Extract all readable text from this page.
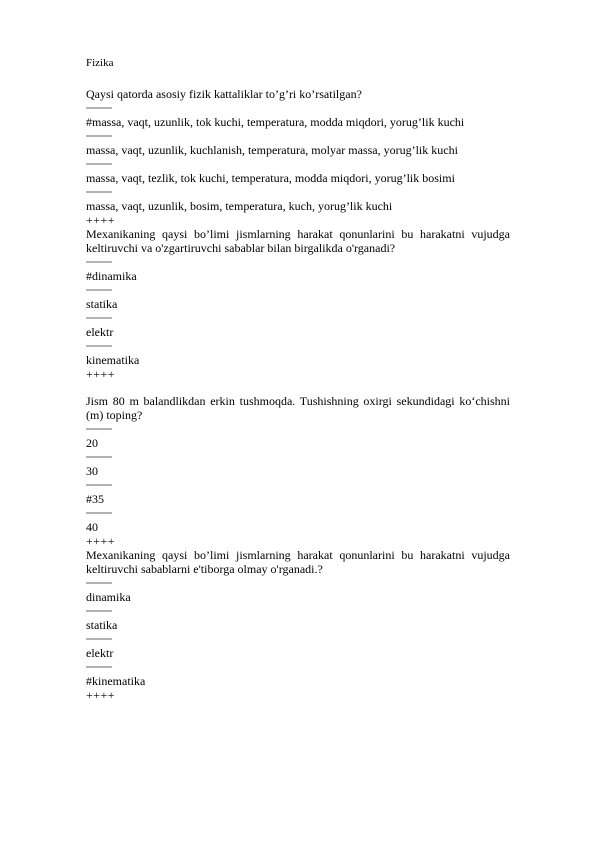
Fizika
Qaysi qatorda asosiy fizik kattaliklar to’g’ri ko’rsatilgan?
#massa, vaqt, uzunlik, tok kuchi, temperatura, modda miqdori, yorug’lik kuchi
massa, vaqt, uzunlik, kuchlanish, temperatura, molyar massa, yorug’lik kuchi
massa, vaqt, tezlik, tok kuchi, temperatura, modda miqdori, yorug’lik bosimi
massa, vaqt, uzunlik, bosim, temperatura, kuch, yorug’lik kuchi
++++
Mexanikaning qaysi bo’limi jismlarning harakat qonunlarini bu harakatni vujudga keltiruvchi va o'zgartiruvchi sabablar bilan birgalikda o'rganadi?
#dinamika
statika
elektr
kinematika
++++
Jism 80 m balandlikdan erkin tushmoqda. Tushishning oxirgi sekundidagi ko‘chishni (m) toping?
20
30
#35
40
++++
Mexanikaning qaysi bo’limi jismlarning harakat qonunlarini bu harakatni vujudga keltiruvchi sabablarni e'tiborga olmay o'rganadi.?
dinamika
statika
elektr
#kinematika
++++
